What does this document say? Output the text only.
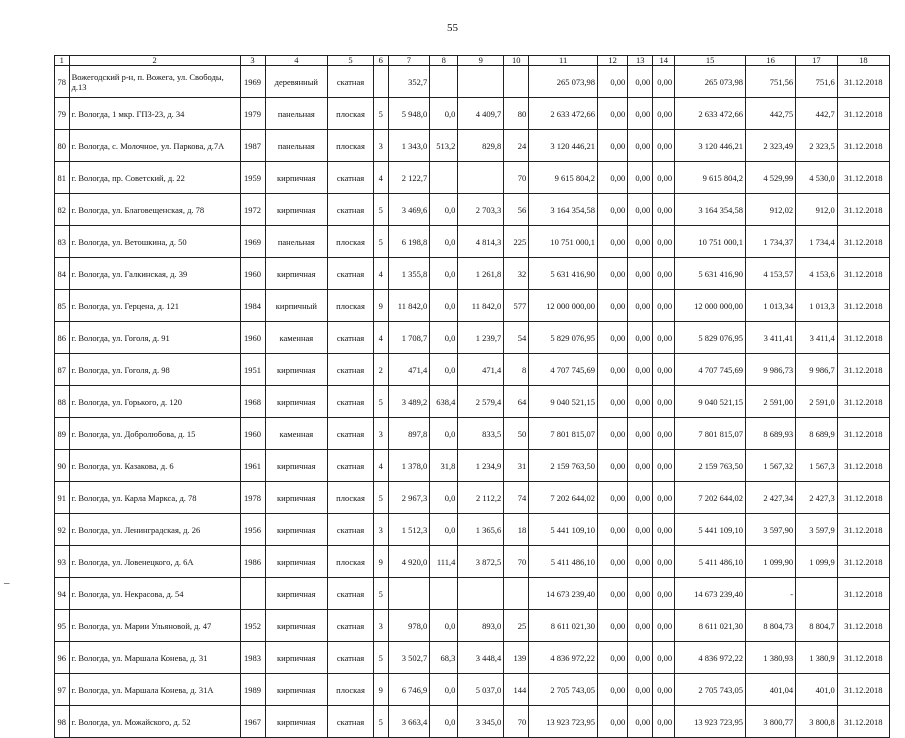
55
–
1	2	3	4	5	6	7	8	9	10	11	12	13	14	15	16	17	18
78	Вожегодский р-н, п. Вожега, ул. Свободы, д.13	1969	деревянный	скатная		352,7				265 073,98	0,00	0,00	0,00	265 073,98	751,56	751,6	31.12.2018
79	г. Вологда, 1 мкр. ГПЗ-23, д. 34	1979	панельная	плоская	5	5 948,0	0,0	4 409,7	80	2 633 472,66	0,00	0,00	0,00	2 633 472,66	442,75	442,7	31.12.2018
80	г. Вологда, с. Молочное, ул. Паркова, д.7А	1987	панельная	плоская	3	1 343,0	513,2	829,8	24	3 120 446,21	0,00	0,00	0,00	3 120 446,21	2 323,49	2 323,5	31.12.2018
81	г. Вологда, пр. Советский, д. 22	1959	кирпичная	скатная	4	2 122,7			70	9 615 804,2	0,00	0,00	0,00	9 615 804,2	4 529,99	4 530,0	31.12.2018
82	г. Вологда, ул. Благовещенская, д. 78	1972	кирпичная	скатная	5	3 469,6	0,0	2 703,3	56	3 164 354,58	0,00	0,00	0,00	3 164 354,58	912,02	912,0	31.12.2018
83	г. Вологда, ул. Ветошкина, д. 50	1969	панельная	плоская	5	6 198,8	0,0	4 814,3	225	10 751 000,1	0,00	0,00	0,00	10 751 000,1	1 734,37	1 734,4	31.12.2018
84	г. Вологда, ул. Галкинская, д. 39	1960	кирпичная	скатная	4	1 355,8	0,0	1 261,8	32	5 631 416,90	0,00	0,00	0,00	5 631 416,90	4 153,57	4 153,6	31.12.2018
85	г. Вологда, ул. Герцена, д. 121	1984	кирпичный	плоская	9	11 842,0	0,0	11 842,0	577	12 000 000,00	0,00	0,00	0,00	12 000 000,00	1 013,34	1 013,3	31.12.2018
86	г. Вологда, ул. Гоголя, д. 91	1960	каменная	скатная	4	1 708,7	0,0	1 239,7	54	5 829 076,95	0,00	0,00	0,00	5 829 076,95	3 411,41	3 411,4	31.12.2018
87	г. Вологда, ул. Гоголя, д. 98	1951	кирпичная	скатная	2	471,4	0,0	471,4	8	4 707 745,69	0,00	0,00	0,00	4 707 745,69	9 986,73	9 986,7	31.12.2018
88	г. Вологда, ул. Горького, д. 120	1968	кирпичная	скатная	5	3 489,2	638,4	2 579,4	64	9 040 521,15	0,00	0,00	0,00	9 040 521,15	2 591,00	2 591,0	31.12.2018
89	г. Вологда, ул. Добролюбова, д. 15	1960	каменная	скатная	3	897,8	0,0	833,5	50	7 801 815,07	0,00	0,00	0,00	7 801 815,07	8 689,93	8 689,9	31.12.2018
90	г. Вологда, ул. Казакова, д. 6	1961	кирпичная	скатная	4	1 378,0	31,8	1 234,9	31	2 159 763,50	0,00	0,00	0,00	2 159 763,50	1 567,32	1 567,3	31.12.2018
91	г. Вологда, ул. Карла Маркса, д. 78	1978	кирпичная	плоская	5	2 967,3	0,0	2 112,2	74	7 202 644,02	0,00	0,00	0,00	7 202 644,02	2 427,34	2 427,3	31.12.2018
92	г. Вологда, ул. Ленинградская, д. 26	1956	кирпичная	скатная	3	1 512,3	0,0	1 365,6	18	5 441 109,10	0,00	0,00	0,00	5 441 109,10	3 597,90	3 597,9	31.12.2018
93	г. Вологда, ул. Ловенецкого, д. 6А	1986	кирпичная	плоская	9	4 920,0	111,4	3 872,5	70	5 411 486,10	0,00	0,00	0,00	5 411 486,10	1 099,90	1 099,9	31.12.2018
94	г. Вологда, ул. Некрасова, д. 54		кирпичная	скатная	5					14 673 239,40	0,00	0,00	0,00	14 673 239,40	-		31.12.2018
95	г. Вологда, ул. Марии Ульяновой, д. 47	1952	кирпичная	скатная	3	978,0	0,0	893,0	25	8 611 021,30	0,00	0,00	0,00	8 611 021,30	8 804,73	8 804,7	31.12.2018
96	г. Вологда, ул. Маршала Конева, д. 31	1983	кирпичная	скатная	5	3 502,7	68,3	3 448,4	139	4 836 972,22	0,00	0,00	0,00	4 836 972,22	1 380,93	1 380,9	31.12.2018
97	г. Вологда, ул. Маршала Конева, д. 31А	1989	кирпичная	плоская	9	6 746,9	0,0	5 037,0	144	2 705 743,05	0,00	0,00	0,00	2 705 743,05	401,04	401,0	31.12.2018
98	г. Вологда, ул. Можайского, д. 52	1967	кирпичная	скатная	5	3 663,4	0,0	3 345,0	70	13 923 723,95	0,00	0,00	0,00	13 923 723,95	3 800,77	3 800,8	31.12.2018
